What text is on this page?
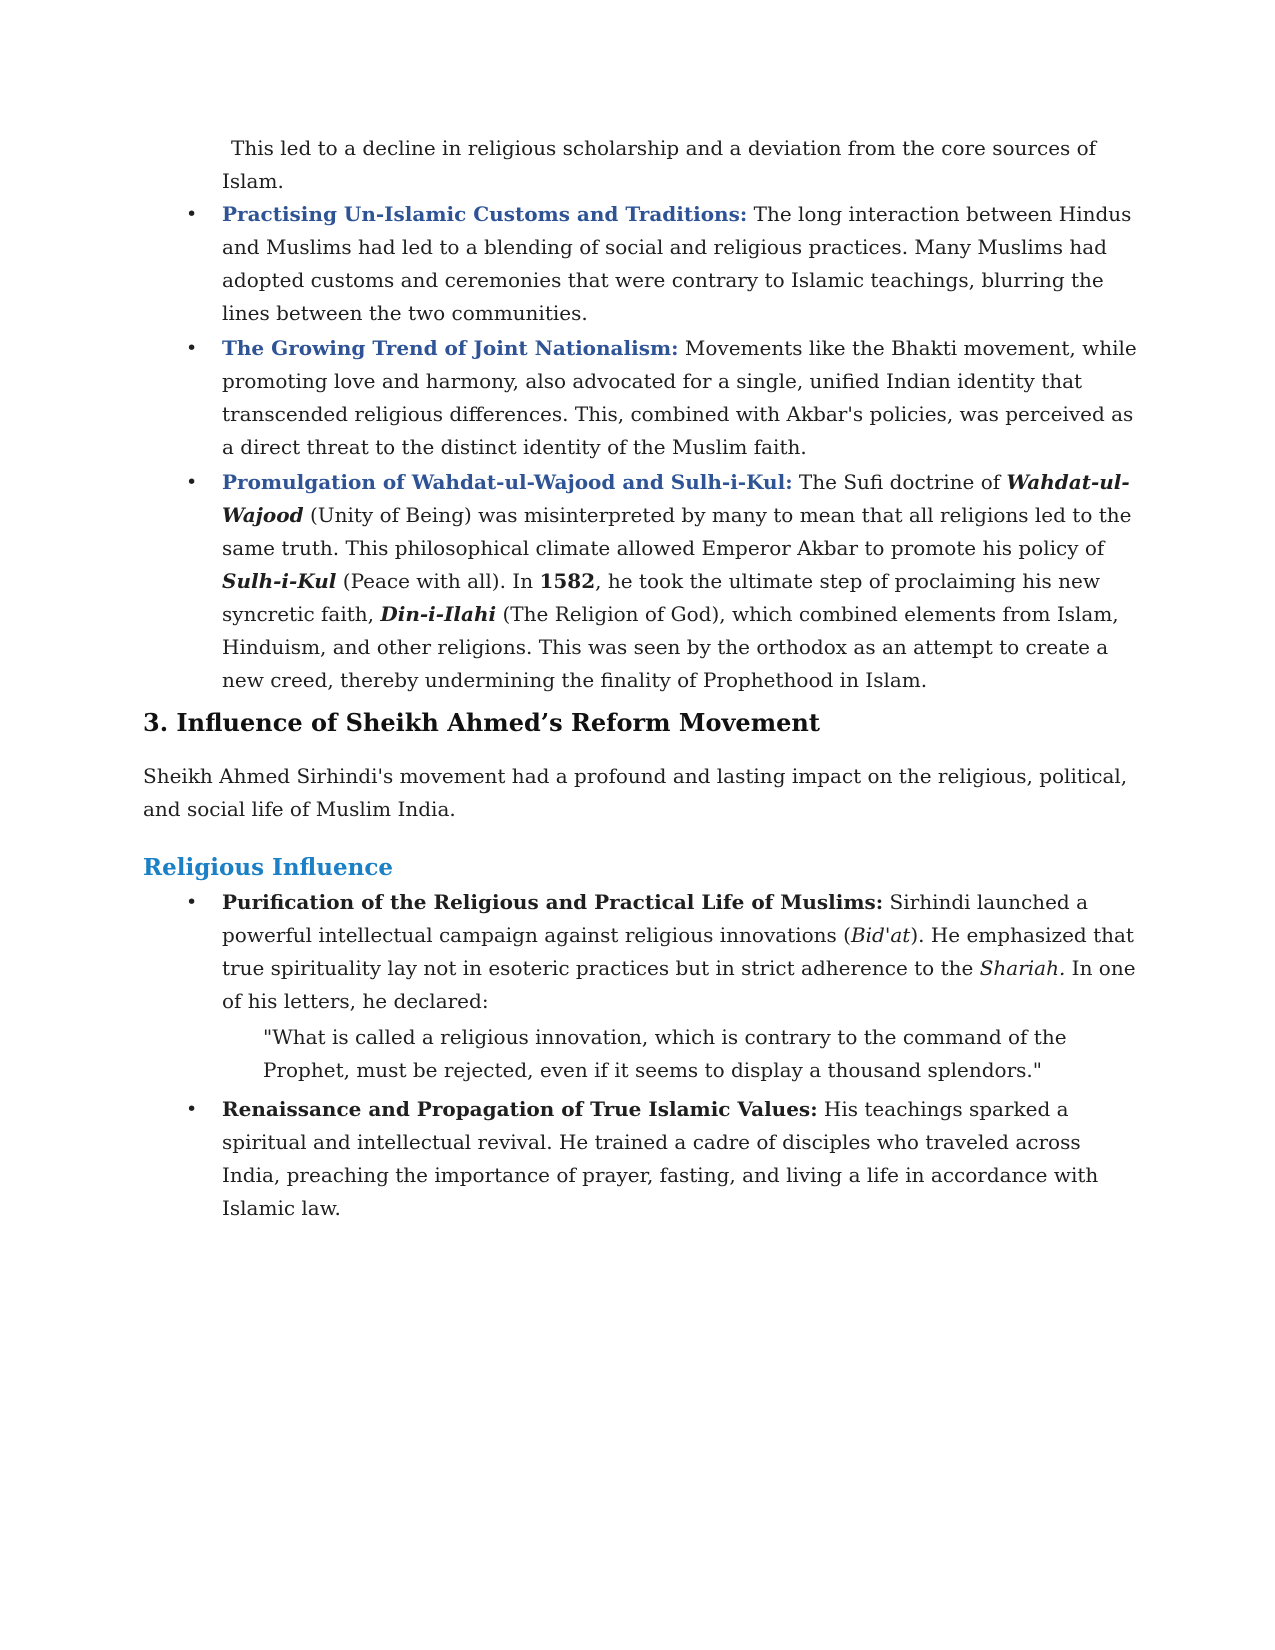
This led to a decline in religious scholarship and a deviation from the core sources of Islam.

• Practising Un-Islamic Customs and Traditions: The long interaction between Hindus and Muslims had led to a blending of social and religious practices. Many Muslims had adopted customs and ceremonies that were contrary to Islamic teachings, blurring the lines between the two communities.
• The Growing Trend of Joint Nationalism: Movements like the Bhakti movement, while promoting love and harmony, also advocated for a single, unified Indian identity that transcended religious differences. This, combined with Akbar's policies, was perceived as a direct threat to the distinct identity of the Muslim faith.
• Promulgation of Wahdat-ul-Wajood and Sulh-i-Kul: The Sufi doctrine of Wahdat-ul-Wajood (Unity of Being) was misinterpreted by many to mean that all religions led to the same truth. This philosophical climate allowed Emperor Akbar to promote his policy of Sulh-i-Kul (Peace with all). In 1582, he took the ultimate step of proclaiming his new syncretic faith, Din-i-Ilahi (The Religion of God), which combined elements from Islam, Hinduism, and other religions. This was seen by the orthodox as an attempt to create a new creed, thereby undermining the finality of Prophethood in Islam.
3. Influence of Sheikh Ahmed’s Reform Movement

Sheikh Ahmed Sirhindi's movement had a profound and lasting impact on the religious, political, and social life of Muslim India.

Religious Influence
• Purification of the Religious and Practical Life of Muslims: Sirhindi launched a powerful intellectual campaign against religious innovations (Bid'at). He emphasized that true spirituality lay not in esoteric practices but in strict adherence to the Shariah. In one of his letters, he declared:
"What is called a religious innovation, which is contrary to the command of the Prophet, must be rejected, even if it seems to display a thousand splendors."
• Renaissance and Propagation of True Islamic Values: His teachings sparked a spiritual and intellectual revival. He trained a cadre of disciples who traveled across India, preaching the importance of prayer, fasting, and living a life in accordance with Islamic law.
